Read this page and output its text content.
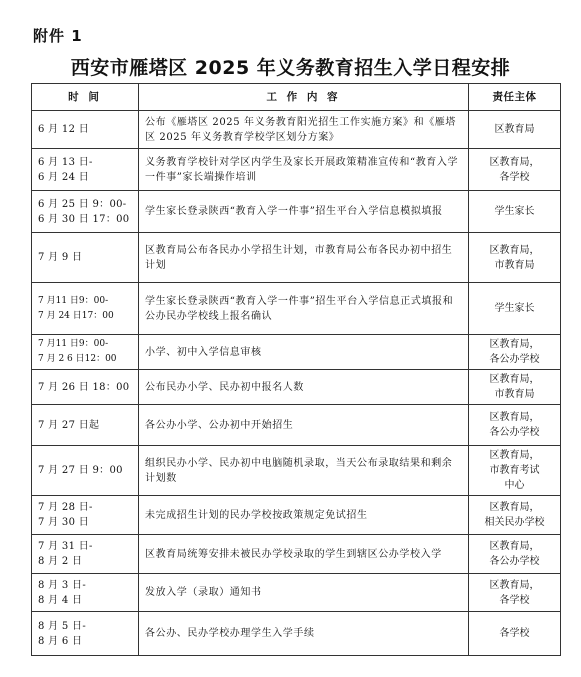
附件 1
西安市雁塔区 2025 年义务教育招生入学日程安排
时 间	工 作 内 容	责任主体
6 月 12 日	公布《雁塔区 2025 年义务教育阳光招生工作实施方案》和《雁塔区 2025 年义务教育学校学区划分方案》	区教育局
6 月 13 日-
6 月 24 日	义务教育学校针对学区内学生及家长开展政策精准宣传和“教育入学一件事”家长端操作培训	区教育局，
各学校
6 月 25 日 9：00-
6 月 30 日 17：00	学生家长登录陕西“教育入学一件事”招生平台入学信息模拟填报	学生家长
7 月 9 日	区教育局公布各民办小学招生计划，市教育局公布各民办初中招生计划	区教育局，
市教育局
7 月11 日9：00-
7 月 24 日17：00	学生家长登录陕西“教育入学一件事”招生平台入学信息正式填报和公办民办学校线上报名确认	学生家长
7 月11 日9：00-
7 月 2 6 日12：00	小学、初中入学信息审核	区教育局，
各公办学校
7 月 26 日 18：00	公布民办小学、民办初中报名人数	区教育局，
市教育局
7 月 27 日起	各公办小学、公办初中开始招生	区教育局，
各公办学校
7 月 27 日 9：00	组织民办小学、民办初中电脑随机录取，当天公布录取结果和剩余计划数	区教育局，
市教育考试
中心
7 月 28 日-
7 月 30 日	未完成招生计划的民办学校按政策规定免试招生	区教育局，
相关民办学校
7 月 31 日-
8 月 2 日	区教育局统筹安排未被民办学校录取的学生到辖区公办学校入学	区教育局，
各公办学校
8 月 3 日-
8 月 4 日	发放入学（录取）通知书	区教育局，
各学校
8 月 5 日-
8 月 6 日	各公办、民办学校办理学生入学手续	各学校
